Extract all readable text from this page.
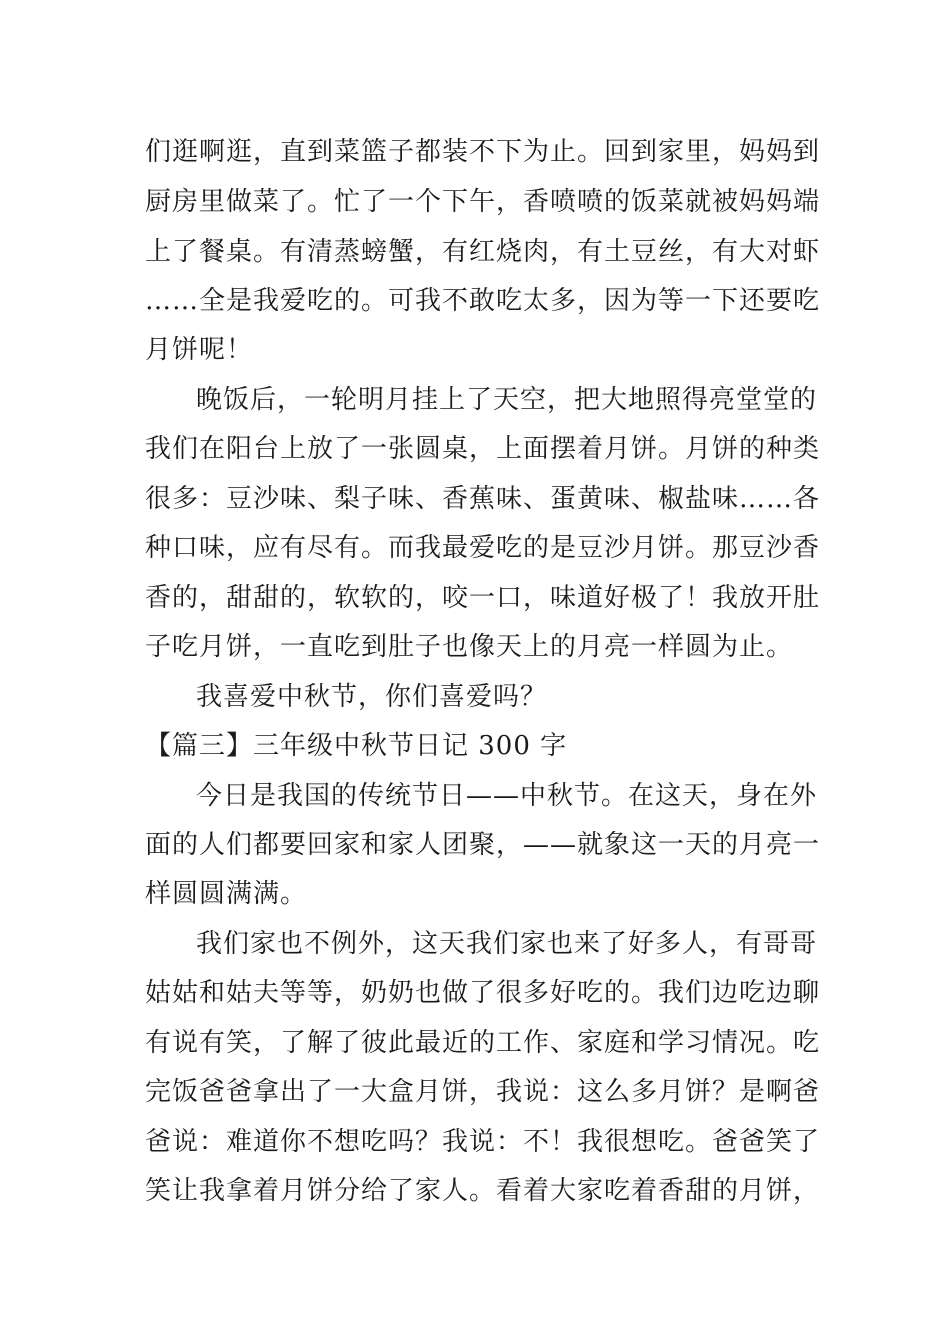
们逛啊逛，直到菜篮子都装不下为止。回到家里，妈妈到
厨房里做菜了。忙了一个下午，香喷喷的饭菜就被妈妈端
上了餐桌。有清蒸螃蟹，有红烧肉，有土豆丝，有大对虾
……全是我爱吃的。可我不敢吃太多，因为等一下还要吃
月饼呢！
晚饭后，一轮明月挂上了天空，把大地照得亮堂堂的
我们在阳台上放了一张圆桌，上面摆着月饼。月饼的种类
很多：豆沙味、梨子味、香蕉味、蛋黄味、椒盐味……各
种口味，应有尽有。而我最爱吃的是豆沙月饼。那豆沙香
香的，甜甜的，软软的，咬一口，味道好极了！我放开肚
子吃月饼，一直吃到肚子也像天上的月亮一样圆为止。
我喜爱中秋节，你们喜爱吗？
【篇三】三年级中秋节日记 300 字
今日是我国的传统节日——中秋节。在这天，身在外
面的人们都要回家和家人团聚，——就象这一天的月亮一
样圆圆满满。
我们家也不例外，这天我们家也来了好多人，有哥哥
姑姑和姑夫等等，奶奶也做了很多好吃的。我们边吃边聊
有说有笑，了解了彼此最近的工作、家庭和学习情况。吃
完饭爸爸拿出了一大盒月饼，我说：这么多月饼？是啊爸
爸说：难道你不想吃吗？我说：不！我很想吃。爸爸笑了
笑让我拿着月饼分给了家人。看着大家吃着香甜的月饼，
